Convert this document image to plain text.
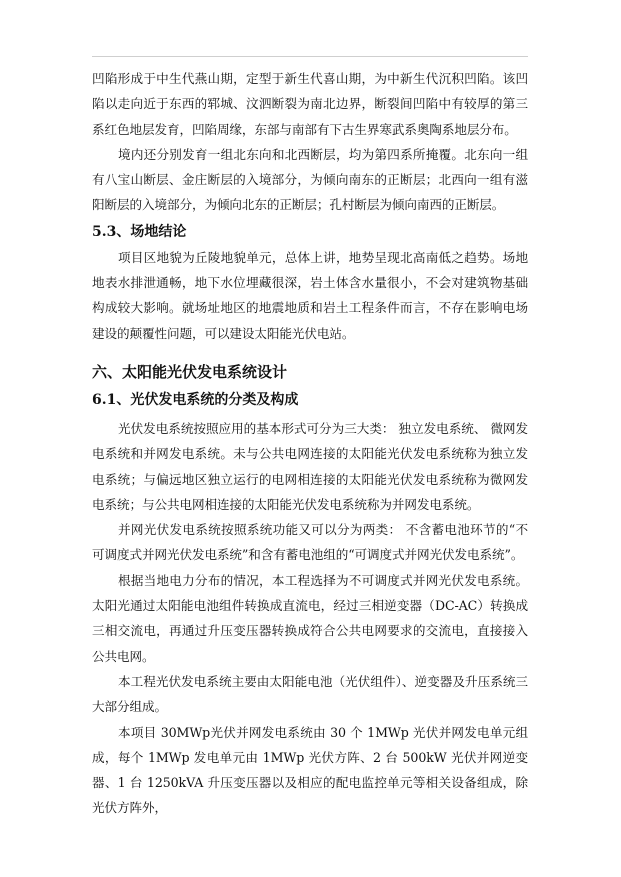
凹陷形成于中生代燕山期，定型于新生代喜山期，为中新生代沉积凹陷。该凹陷以走向近于东西的郓城、汶泗断裂为南北边界，断裂间凹陷中有较厚的第三系红色地层发育，凹陷周缘，东部与南部有下古生界寒武系奥陶系地层分布。

境内还分别发育一组北东向和北西断层，均为第四系所掩覆。北东向一组有八宝山断层、金庄断层的入境部分，为倾向南东的正断层；北西向一组有滋阳断层的入境部分，为倾向北东的正断层；孔村断层为倾向南西的正断层。

5.3、场地结论

项目区地貌为丘陵地貌单元，总体上讲，地势呈现北高南低之趋势。场地地表水排泄通畅，地下水位埋藏很深，岩土体含水量很小，不会对建筑物基础构成较大影响。就场址地区的地震地质和岩土工程条件而言，不存在影响电场建设的颠覆性问题，可以建设太阳能光伏电站。

六、太阳能光伏发电系统设计
6.1、光伏发电系统的分类及构成

光伏发电系统按照应用的基本形式可分为三大类： 独立发电系统、 微网发电系统和并网发电系统。未与公共电网连接的太阳能光伏发电系统称为独立发电系统；与偏远地区独立运行的电网相连接的太阳能光伏发电系统称为微网发电系统；与公共电网相连接的太阳能光伏发电系统称为并网发电系统。

并网光伏发电系统按照系统功能又可以分为两类： 不含蓄电池环节的“不可调度式并网光伏发电系统”和含有蓄电池组的“可调度式并网光伏发电系统”。

根据当地电力分布的情况，本工程选择为不可调度式并网光伏发电系统。太阳光通过太阳能电池组件转换成直流电，经过三相逆变器（DC-AC）转换成三相交流电，再通过升压变压器转换成符合公共电网要求的交流电，直接接入公共电网。

本工程光伏发电系统主要由太阳能电池（光伏组件）、逆变器及升压系统三大部分组成。

本项目 30MWp光伏并网发电系统由 30 个 1MWp 光伏并网发电单元组成，每个 1MWp 发电单元由 1MWp 光伏方阵、2 台 500kW 光伏并网逆变器、1 台 1250kVA 升压变压器以及相应的配电监控单元等相关设备组成，除光伏方阵外，
